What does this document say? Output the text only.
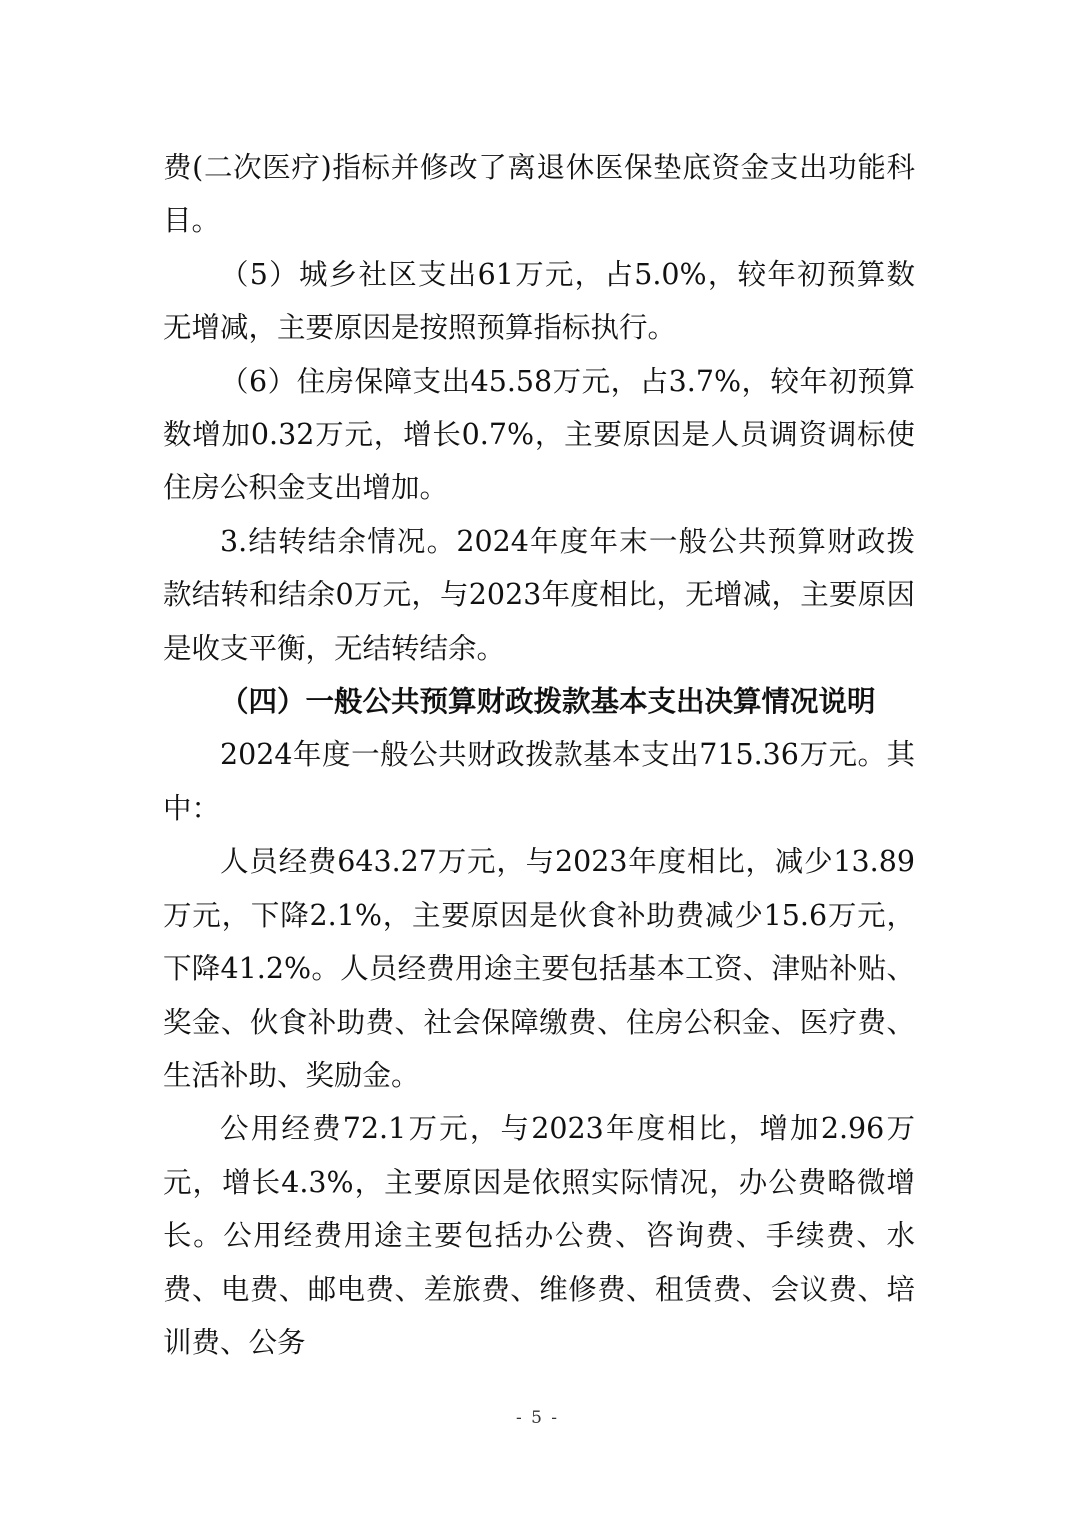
费(二次医疗)指标并修改了离退休医保垫底资金支出功能科目。

（5）城乡社区支出61万元，占5.0%，较年初预算数无增减，主要原因是按照预算指标执行。

（6）住房保障支出45.58万元，占3.7%，较年初预算数增加0.32万元，增长0.7%，主要原因是人员调资调标使住房公积金支出增加。

3.结转结余情况。2024年度年末一般公共预算财政拨款结转和结余0万元，与2023年度相比，无增减，主要原因是收支平衡，无结转结余。

（四）一般公共预算财政拨款基本支出决算情况说明

2024年度一般公共财政拨款基本支出715.36万元。其中：

人员经费643.27万元，与2023年度相比，减少13.89万元，下降2.1%，主要原因是伙食补助费减少15.6万元，下降41.2%。人员经费用途主要包括基本工资、津贴补贴、奖金、伙食补助费、社会保障缴费、住房公积金、医疗费、生活补助、奖励金。

公用经费72.1万元，与2023年度相比，增加2.96万元，增长4.3%，主要原因是依照实际情况，办公费略微增长。公用经费用途主要包括办公费、咨询费、手续费、水费、电费、邮电费、差旅费、维修费、租赁费、会议费、培训费、公务

- 5 -
